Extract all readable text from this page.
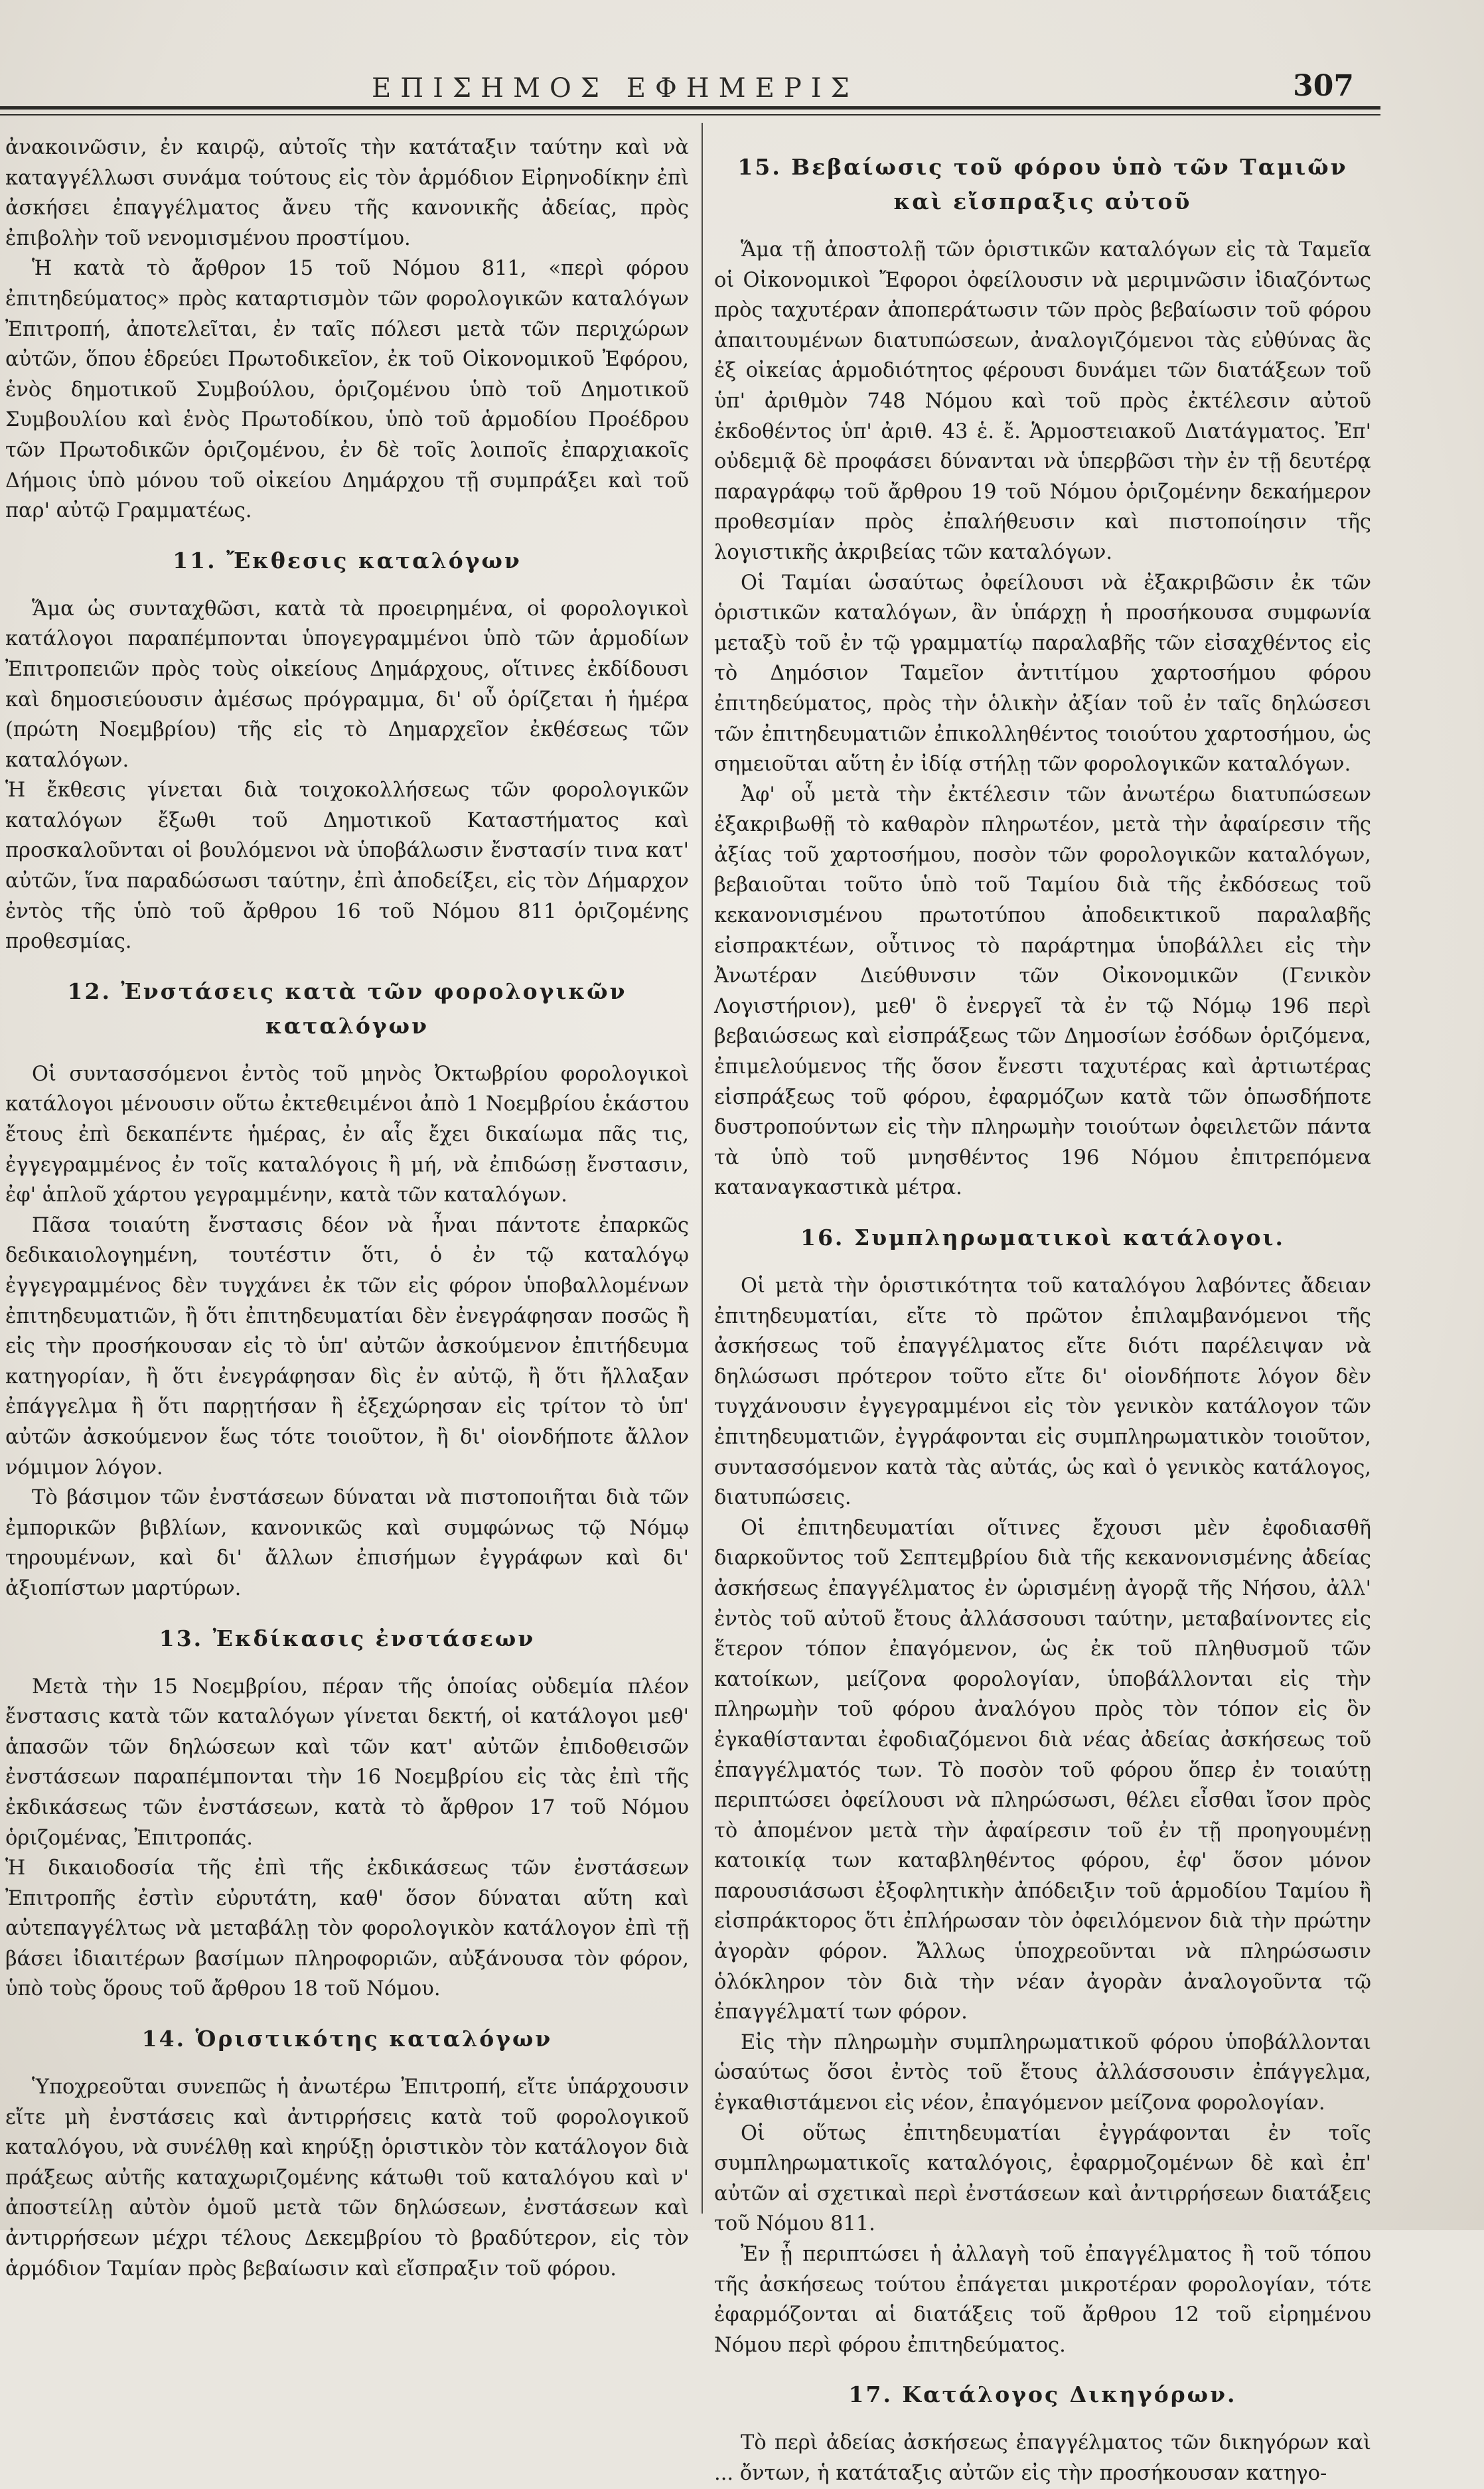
ΕΠΙΣΗΜΟΣ ΕΦΗΜΕΡΙΣ	307

ἀνακοινῶσιν, ἐν καιρῷ, αὐτοῖς τὴν κατάταξιν ταύτην καὶ νὰ καταγγέλλωσι συνάμα τούτους εἰς τὸν ἁρμόδιον Εἰρηνοδίκην ἐπὶ ἀσκήσει ἐπαγγέλματος ἄνευ τῆς κανονικῆς ἀδείας, πρὸς ἐπιβολὴν τοῦ νενομισμένου προστίμου.

Ἡ κατὰ τὸ ἄρθρον 15 τοῦ Νόμου 811, «περὶ φόρου ἐπιτηδεύματος» πρὸς καταρτισμὸν τῶν φορολογικῶν καταλόγων Ἐπιτροπή, ἀποτελεῖται, ἐν ταῖς πόλεσι μετὰ τῶν περιχώρων αὐτῶν, ὅπου ἑδρεύει Πρωτοδικεῖον, ἐκ τοῦ Οἰκονομικοῦ Ἐφόρου, ἑνὸς δημοτικοῦ Συμβούλου, ὁριζομένου ὑπὸ τοῦ Δημοτικοῦ Συμβουλίου καὶ ἑνὸς Πρωτοδίκου, ὑπὸ τοῦ ἁρμοδίου Προέδρου τῶν Πρωτοδικῶν ὁριζομένου, ἐν δὲ τοῖς λοιποῖς ἐπαρχιακοῖς Δήμοις ὑπὸ μόνου τοῦ οἰκείου Δημάρχου τῇ συμπράξει καὶ τοῦ παρ' αὐτῷ Γραμματέως.

11. Ἔκθεσις καταλόγων

Ἅμα ὡς συνταχθῶσι, κατὰ τὰ προειρημένα, οἱ φορολογικοὶ κατάλογοι παραπέμπονται ὑπογεγραμμένοι ὑπὸ τῶν ἁρμοδίων Ἐπιτροπειῶν πρὸς τοὺς οἰκείους Δημάρχους, οἵτινες ἐκδίδουσι καὶ δημοσιεύουσιν ἀμέσως πρόγραμμα, δι' οὗ ὁρίζεται ἡ ἡμέρα (πρώτη Νοεμβρίου) τῆς εἰς τὸ Δημαρχεῖον ἐκθέσεως τῶν καταλόγων.

Ἡ ἔκθεσις γίνεται διὰ τοιχοκολλήσεως τῶν φορολογικῶν καταλόγων ἔξωθι τοῦ Δημοτικοῦ Καταστήματος καὶ προσκαλοῦνται οἱ βουλόμενοι νὰ ὑποβάλωσιν ἔνστασίν τινα κατ' αὐτῶν, ἵνα παραδώσωσι ταύτην, ἐπὶ ἀποδείξει, εἰς τὸν Δήμαρχον ἐντὸς τῆς ὑπὸ τοῦ ἄρθρου 16 τοῦ Νόμου 811 ὁριζομένης προθεσμίας.

12. Ἐνστάσεις κατὰ τῶν φορολογικῶν καταλόγων

Οἱ συντασσόμενοι ἐντὸς τοῦ μηνὸς Ὀκτωβρίου φορολογικοὶ κατάλογοι μένουσιν οὕτω ἐκτεθειμένοι ἀπὸ 1 Νοεμβρίου ἑκάστου ἔτους ἐπὶ δεκαπέντε ἡμέρας, ἐν αἷς ἔχει δικαίωμα πᾶς τις, ἐγγεγραμμένος ἐν τοῖς καταλόγοις ἢ μή, νὰ ἐπιδώσῃ ἔνστασιν, ἐφ' ἁπλοῦ χάρτου γεγραμμένην, κατὰ τῶν καταλόγων.

Πᾶσα τοιαύτη ἔνστασις δέον νὰ ἦναι πάντοτε ἐπαρκῶς δεδικαιολογημένη, τουτέστιν ὅτι, ὁ ἐν τῷ καταλόγῳ ἐγγεγραμμένος δὲν τυγχάνει ἐκ τῶν εἰς φόρον ὑποβαλλομένων ἐπιτηδευματιῶν, ἢ ὅτι ἐπιτηδευματίαι δὲν ἐνεγράφησαν ποσῶς ἢ εἰς τὴν προσήκουσαν εἰς τὸ ὑπ' αὐτῶν ἀσκούμενον ἐπιτήδευμα κατηγορίαν, ἢ ὅτι ἐνεγράφησαν δὶς ἐν αὐτῷ, ἢ ὅτι ἤλλαξαν ἐπάγγελμα ἢ ὅτι παρῃτήσαν ἢ ἐξεχώρησαν εἰς τρίτον τὸ ὑπ' αὐτῶν ἀσκούμενον ἕως τότε τοιοῦτον, ἢ δι' οἱονδήποτε ἄλλον νόμιμον λόγον.

Τὸ βάσιμον τῶν ἐνστάσεων δύναται νὰ πιστοποιῆται διὰ τῶν ἐμπορικῶν βιβλίων, κανονικῶς καὶ συμφώνως τῷ Νόμῳ τηρουμένων, καὶ δι' ἄλλων ἐπισήμων ἐγγράφων καὶ δι' ἀξιοπίστων μαρτύρων.

13. Ἐκδίκασις ἐνστάσεων

Μετὰ τὴν 15 Νοεμβρίου, πέραν τῆς ὁποίας οὐδεμία πλέον ἔνστασις κατὰ τῶν καταλόγων γίνεται δεκτή, οἱ κατάλογοι μεθ' ἁπασῶν τῶν δηλώσεων καὶ τῶν κατ' αὐτῶν ἐπιδοθεισῶν ἐνστάσεων παραπέμπονται τὴν 16 Νοεμβρίου εἰς τὰς ἐπὶ τῆς ἐκδικάσεως τῶν ἐνστάσεων, κατὰ τὸ ἄρθρον 17 τοῦ Νόμου ὁριζομένας, Ἐπιτροπάς.

Ἡ δικαιοδοσία τῆς ἐπὶ τῆς ἐκδικάσεως τῶν ἐνστάσεων Ἐπιτροπῆς ἐστὶν εὐρυτάτη, καθ' ὅσον δύναται αὕτη καὶ αὐτεπαγγέλτως νὰ μεταβάλῃ τὸν φορολογικὸν κατάλογον ἐπὶ τῇ βάσει ἰδιαιτέρων βασίμων πληροφοριῶν, αὐξάνουσα τὸν φόρον, ὑπὸ τοὺς ὅρους τοῦ ἄρθρου 18 τοῦ Νόμου.

14. Ὁριστικότης καταλόγων

Ὑποχρεοῦται συνεπῶς ἡ ἀνωτέρω Ἐπιτροπή, εἴτε ὑπάρχουσιν εἴτε μὴ ἐνστάσεις καὶ ἀντιρρήσεις κατὰ τοῦ φορολογικοῦ καταλόγου, νὰ συνέλθῃ καὶ κηρύξῃ ὁριστικὸν τὸν κατάλογον διὰ πράξεως αὐτῆς καταχωριζομένης κάτωθι τοῦ καταλόγου καὶ ν' ἀποστείλῃ αὐτὸν ὁμοῦ μετὰ τῶν δηλώσεων, ἐνστάσεων καὶ ἀντιρρήσεων μέχρι τέλους Δεκεμβρίου τὸ βραδύτερον, εἰς τὸν ἁρμόδιον Ταμίαν πρὸς βεβαίωσιν καὶ εἴσπραξιν τοῦ φόρου.

15. Βεβαίωσις τοῦ φόρου ὑπὸ τῶν Ταμιῶν καὶ εἴσπραξις αὐτοῦ

Ἅμα τῇ ἀποστολῇ τῶν ὁριστικῶν καταλόγων εἰς τὰ Ταμεῖα οἱ Οἰκονομικοὶ Ἔφοροι ὀφείλουσιν νὰ μεριμνῶσιν ἰδιαζόντως πρὸς ταχυτέραν ἀποπεράτωσιν τῶν πρὸς βεβαίωσιν τοῦ φόρου ἀπαιτουμένων διατυπώσεων, ἀναλογιζόμενοι τὰς εὐθύνας ἃς ἐξ οἰκείας ἁρμοδιότητος φέρουσι δυνάμει τῶν διατάξεων τοῦ ὑπ' ἀριθμὸν 748 Νόμου καὶ τοῦ πρὸς ἐκτέλεσιν αὐτοῦ ἐκδοθέντος ὑπ' ἀριθ. 43 ἑ. ἔ. Ἁρμοστειακοῦ Διατάγματος. Ἐπ' οὐδεμιᾷ δὲ προφάσει δύνανται νὰ ὑπερβῶσι τὴν ἐν τῇ δευτέρᾳ παραγράφῳ τοῦ ἄρθρου 19 τοῦ Νόμου ὁριζομένην δεκαήμερον προθεσμίαν πρὸς ἐπαλήθευσιν καὶ πιστοποίησιν τῆς λογιστικῆς ἀκριβείας τῶν καταλόγων.

Οἱ Ταμίαι ὡσαύτως ὀφείλουσι νὰ ἐξακριβῶσιν ἐκ τῶν ὁριστικῶν καταλόγων, ἂν ὑπάρχῃ ἡ προσήκουσα συμφωνία μεταξὺ τοῦ ἐν τῷ γραμματίῳ παραλαβῆς τῶν εἰσαχθέντος εἰς τὸ Δημόσιον Ταμεῖον ἀντιτίμου χαρτοσήμου φόρου ἐπιτηδεύματος, πρὸς τὴν ὁλικὴν ἀξίαν τοῦ ἐν ταῖς δηλώσεσι τῶν ἐπιτηδευματιῶν ἐπικολληθέντος τοιούτου χαρτοσήμου, ὡς σημειοῦται αὕτη ἐν ἰδίᾳ στήλῃ τῶν φορολογικῶν καταλόγων.

Ἀφ' οὗ μετὰ τὴν ἐκτέλεσιν τῶν ἀνωτέρω διατυπώσεων ἐξακριβωθῇ τὸ καθαρὸν πληρωτέον, μετὰ τὴν ἀφαίρεσιν τῆς ἀξίας τοῦ χαρτοσήμου, ποσὸν τῶν φορολογικῶν καταλόγων, βεβαιοῦται τοῦτο ὑπὸ τοῦ Ταμίου διὰ τῆς ἐκδόσεως τοῦ κεκανονισμένου πρωτοτύπου ἀποδεικτικοῦ παραλαβῆς εἰσπρακτέων, οὗτινος τὸ παράρτημα ὑποβάλλει εἰς τὴν Ἀνωτέραν Διεύθυνσιν τῶν Οἰκονομικῶν (Γενικὸν Λογιστήριον), μεθ' ὃ ἐνεργεῖ τὰ ἐν τῷ Νόμῳ 196 περὶ βεβαιώσεως καὶ εἰσπράξεως τῶν Δημοσίων ἐσόδων ὁριζόμενα, ἐπιμελούμενος τῆς ὅσον ἔνεστι ταχυτέρας καὶ ἀρτιωτέρας εἰσπράξεως τοῦ φόρου, ἐφαρμόζων κατὰ τῶν ὁπωσδήποτε δυστροπούντων εἰς τὴν πληρωμὴν τοιούτων ὀφειλετῶν πάντα τὰ ὑπὸ τοῦ μνησθέντος 196 Νόμου ἐπιτρεπόμενα καταναγκαστικὰ μέτρα.

16. Συμπληρωματικοὶ κατάλογοι.

Οἱ μετὰ τὴν ὁριστικότητα τοῦ καταλόγου λαβόντες ἄδειαν ἐπιτηδευματίαι, εἴτε τὸ πρῶτον ἐπιλαμβανόμενοι τῆς ἀσκήσεως τοῦ ἐπαγγέλματος εἴτε διότι παρέλειψαν νὰ δηλώσωσι πρότερον τοῦτο εἴτε δι' οἱονδήποτε λόγον δὲν τυγχάνουσιν ἐγγεγραμμένοι εἰς τὸν γενικὸν κατάλογον τῶν ἐπιτηδευματιῶν, ἐγγράφονται εἰς συμπληρωματικὸν τοιοῦτον, συντασσόμενον κατὰ τὰς αὐτάς, ὡς καὶ ὁ γενικὸς κατάλογος, διατυπώσεις.

Οἱ ἐπιτηδευματίαι οἵτινες ἔχουσι μὲν ἐφοδιασθῆ διαρκοῦντος τοῦ Σεπτεμβρίου διὰ τῆς κεκανονισμένης ἀδείας ἀσκήσεως ἐπαγγέλματος ἐν ὡρισμένῃ ἀγορᾷ τῆς Νήσου, ἀλλ' ἐντὸς τοῦ αὐτοῦ ἔτους ἀλλάσσουσι ταύτην, μεταβαίνοντες εἰς ἕτερον τόπον ἐπαγόμενον, ὡς ἐκ τοῦ πληθυσμοῦ τῶν κατοίκων, μείζονα φορολογίαν, ὑποβάλλονται εἰς τὴν πληρωμὴν τοῦ φόρου ἀναλόγου πρὸς τὸν τόπον εἰς ὃν ἐγκαθίστανται ἐφοδιαζόμενοι διὰ νέας ἀδείας ἀσκήσεως τοῦ ἐπαγγέλματός των. Τὸ ποσὸν τοῦ φόρου ὅπερ ἐν τοιαύτῃ περιπτώσει ὀφείλουσι νὰ πληρώσωσι, θέλει εἶσθαι ἴσον πρὸς τὸ ἀπομένον μετὰ τὴν ἀφαίρεσιν τοῦ ἐν τῇ προηγουμένῃ κατοικίᾳ των καταβληθέντος φόρου, ἐφ' ὅσον μόνον παρουσιάσωσι ἐξοφλητικὴν ἀπόδειξιν τοῦ ἁρμοδίου Ταμίου ἢ εἰσπράκτορος ὅτι ἐπλήρωσαν τὸν ὀφειλόμενον διὰ τὴν πρώτην ἀγορὰν φόρον. Ἄλλως ὑποχρεοῦνται νὰ πληρώσωσιν ὁλόκληρον τὸν διὰ τὴν νέαν ἀγορὰν ἀναλογοῦντα τῷ ἐπαγγέλματί των φόρον.

Εἰς τὴν πληρωμὴν συμπληρωματικοῦ φόρου ὑποβάλλονται ὡσαύτως ὅσοι ἐντὸς τοῦ ἔτους ἀλλάσσουσιν ἐπάγγελμα, ἐγκαθιστάμενοι εἰς νέον, ἐπαγόμενον μείζονα φορολογίαν.

Οἱ οὕτως ἐπιτηδευματίαι ἐγγράφονται ἐν τοῖς συμπληρωματικοῖς καταλόγοις, ἐφαρμοζομένων δὲ καὶ ἐπ' αὐτῶν αἱ σχετικαὶ περὶ ἐνστάσεων καὶ ἀντιρρήσεων διατάξεις τοῦ Νόμου 811.

Ἐν ᾗ περιπτώσει ἡ ἀλλαγὴ τοῦ ἐπαγγέλματος ἢ τοῦ τόπου τῆς ἀσκήσεως τούτου ἐπάγεται μικροτέραν φορολογίαν, τότε ἐφαρμόζονται αἱ διατάξεις τοῦ ἄρθρου 12 τοῦ εἰρημένου Νόμου περὶ φόρου ἐπιτηδεύματος.

17. Κατάλογος Δικηγόρων.

Τὸ περὶ ἀδείας ἀσκήσεως ἐπαγγέλματος τῶν δικηγόρων καὶ ... ὄντων, ἡ κατάταξις αὐτῶν εἰς τὴν προσήκουσαν κατηγο-
